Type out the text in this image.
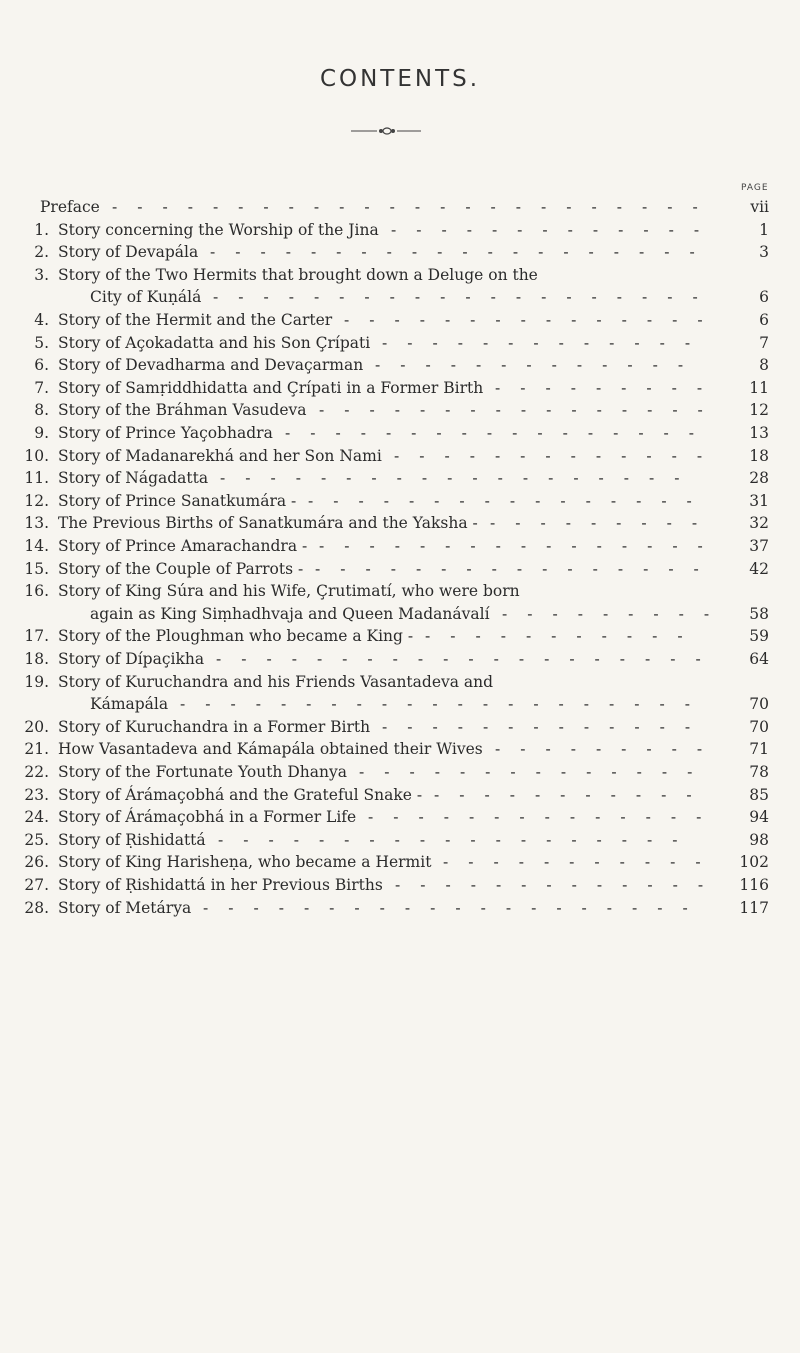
CONTENTS.
PAGE
Preface	vii
------------------------
1. Story concerning the Worship of the Jina	1
-------------
2. Story of Devapála	3
--------------------
3. Story of the Two Hermits that brought down a Deluge on the
City of Kuṇálá	6
--------------------
4. Story of the Hermit and the Carter	6
---------------
5. Story of Açokadatta and his Son Çrípati	7
-------------
6. Story of Devadharma and Devaçarman	8
-------------
7. Story of Samṛiddhidatta and Çrípati in a Former Birth	11
---------
8. Story of the Bráhman Vasudeva	12
----------------
9. Story of Prince Yaçobhadra	13
-----------------
10. Story of Madanarekhá and her Son Nami	18
-------------
11. Story of Nágadatta	28
-------------------
12. Story of Prince Sanatkumára -	31
----------------
13. The Previous Births of Sanatkumára and the Yaksha -	32
---------
14. Story of Prince Amarachandra -	37
----------------
15. Story of the Couple of Parrots -	42
----------------
16. Story of King Súra and his Wife, Çrutimatí, who were born
again as King Siṃhadhvaja and Queen Madanávalí	58
---------
17. Story of the Ploughman who became a King -	59
-----------
18. Story of Dípaçikha	64
--------------------
19. Story of Kuruchandra and his Friends Vasantadeva and
Kámapála	70
---------------------
20. Story of Kuruchandra in a Former Birth	70
-------------
21. How Vasantadeva and Kámapála obtained their Wives	71
---------
22. Story of the Fortunate Youth Dhanya	78
--------------
23. Story of Árámaçobhá and the Grateful Snake -	85
-----------
24. Story of Árámaçobhá in a Former Life	94
--------------
25. Story of Ṛishidattá	98
-------------------
26. Story of King Harisheṇa, who became a Hermit	102
-----------
27. Story of Ṛishidattá in her Previous Births	116
-------------
28. Story of Metárya	117
--------------------
